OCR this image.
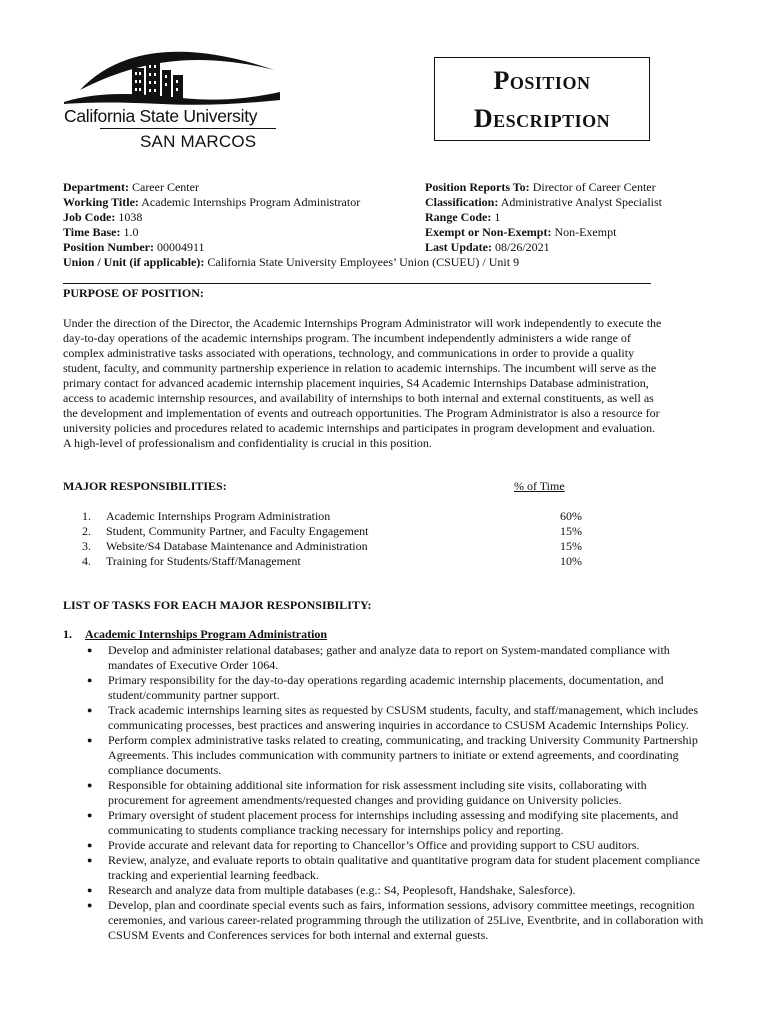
California State University
SAN MARCOS
Position
Description
Department: Career Center	Position Reports To: Director of Career Center
Working Title: Academic Internships Program Administrator	Classification: Administrative Analyst Specialist
Job Code: 1038	Range Code: 1
Time Base: 1.0	Exempt or Non-Exempt: Non-Exempt
Position Number: 00004911	Last Update: 08/26/2021
Union / Unit (if applicable): California State University Employees’ Union (CSUEU) / Unit 9
PURPOSE OF POSITION:
Under the direction of the Director, the Academic Internships Program Administrator will work independently to execute the day-to-day operations of the academic internships program. The incumbent independently administers a wide range of complex administrative tasks associated with operations, technology, and communications in order to provide a quality student, faculty, and community partnership experience in relation to academic internships. The incumbent will serve as the primary contact for advanced academic internship placement inquiries, S4 Academic Internships Database administration, access to academic internship resources, and availability of internships to both internal and external constituents, as well as the development and implementation of events and outreach opportunities. The Program Administrator is also a resource for university policies and procedures related to academic internships and participates in program development and evaluation. A high-level of professionalism and confidentiality is crucial in this position.
MAJOR RESPONSIBILITIES:	% of Time
1.	Academic Internships Program Administration	60%
2.	Student, Community Partner, and Faculty Engagement	15%
3.	Website/S4 Database Maintenance and Administration	15%
4.	Training for Students/Staff/Management	10%
LIST OF TASKS FOR EACH MAJOR RESPONSIBILITY:
1. Academic Internships Program Administration
●	Develop and administer relational databases; gather and analyze data to report on System-mandated compliance with mandates of Executive Order 1064.
●	Primary responsibility for the day-to-day operations regarding academic internship placements, documentation, and student/community partner support.
●	Track academic internships learning sites as requested by CSUSM students, faculty, and staff/management, which includes communicating processes, best practices and answering inquiries in accordance to CSUSM Academic Internships Policy.
●	Perform complex administrative tasks related to creating, communicating, and tracking University Community Partnership Agreements. This includes communication with community partners to initiate or extend agreements, and coordinating compliance documents.
●	Responsible for obtaining additional site information for risk assessment including site visits, collaborating with procurement for agreement amendments/requested changes and providing guidance on University policies.
●	Primary oversight of student placement process for internships including assessing and modifying site placements, and communicating to students compliance tracking necessary for internships policy and reporting.
●	Provide accurate and relevant data for reporting to Chancellor’s Office and providing support to CSU auditors.
●	Review, analyze, and evaluate reports to obtain qualitative and quantitative program data for student placement compliance tracking and experiential learning feedback.
●	Research and analyze data from multiple databases (e.g.: S4, Peoplesoft, Handshake, Salesforce).
●	Develop, plan and coordinate special events such as fairs, information sessions, advisory committee meetings, recognition ceremonies, and various career-related programming through the utilization of 25Live, Eventbrite, and in collaboration with CSUSM Events and Conferences services for both internal and external guests.
